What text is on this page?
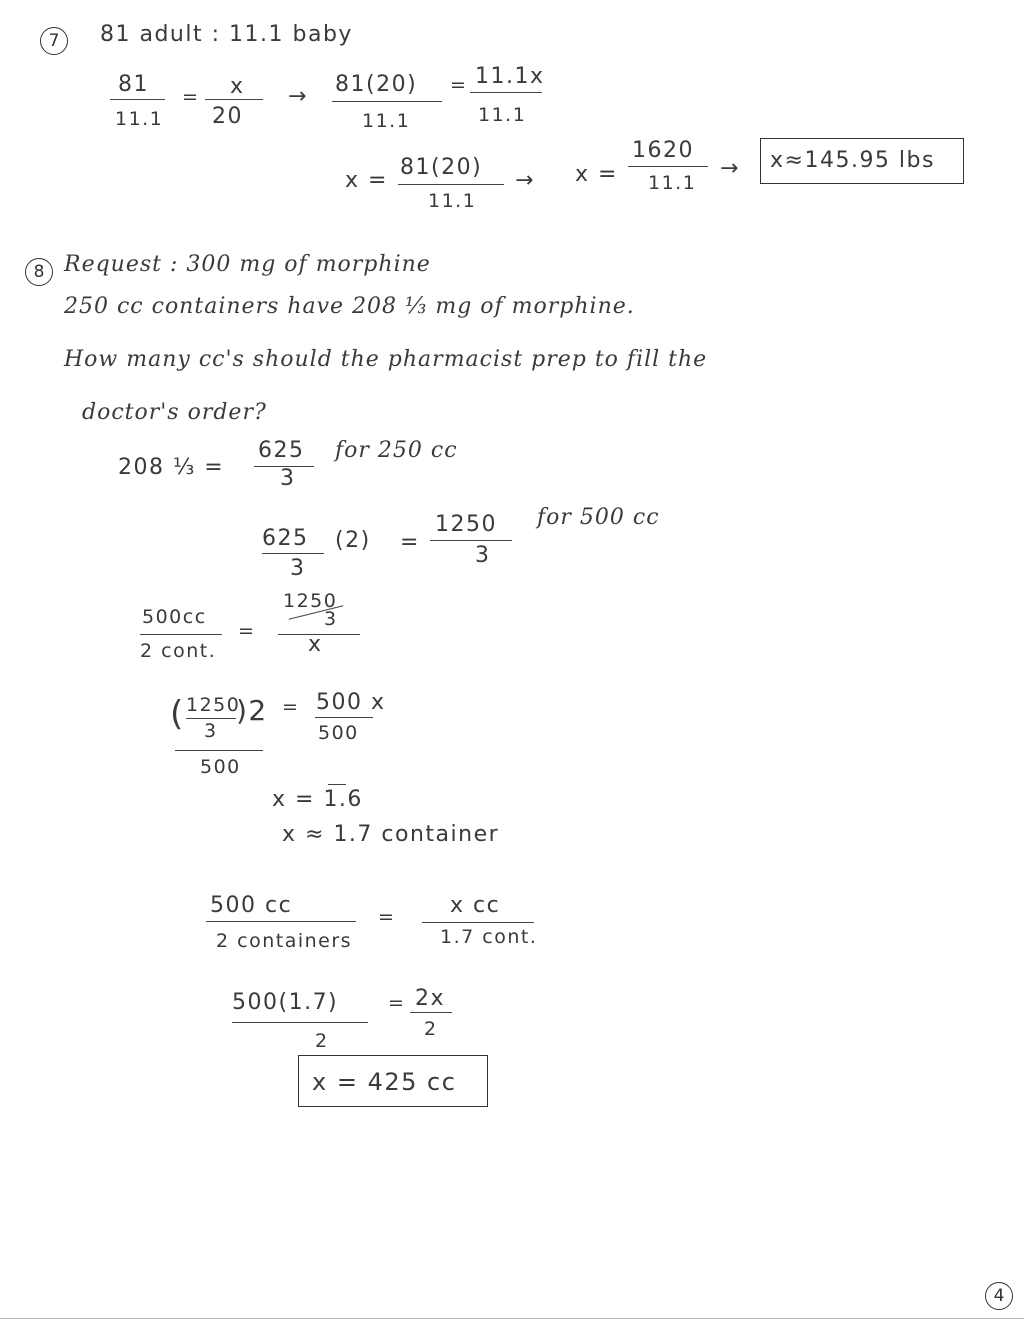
7 81 adult : 11.1 baby
81
11.1
= x
20
→ 81(20)
11.1
= 11.1x
11.1
x =
81(20)
11.1
→ x =
1620
11.1
→ x≈145.95 lbs
8 Request : 300 mg of morphine
250 cc containers have 208 ⅓ mg of morphine.
How many cc's should the pharmacist prep to fill the
doctor's order?
208 ⅓ =
625
3
for 250 cc
625
3
(2) =
1250
3
for 500 cc
500cc
2 cont.
=
1250
3
x
( 1250
3
)2
500
= 500 x
500
x = 1.6
x ≈ 1.7 container
500 cc
2 containers
= x cc
1.7 cont.
500(1.7)
2
= 2x
2
x = 425 cc
4
